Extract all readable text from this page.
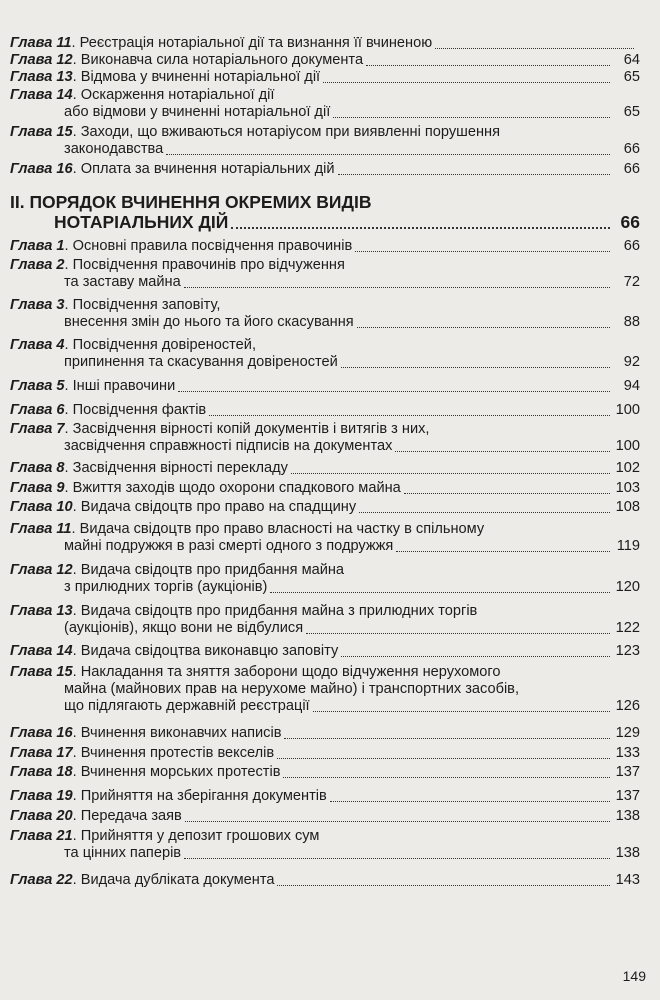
Глава 11. Реєстрація нотаріальної дії та визнання її вчиненою
Глава 12. Виконавча сила нотаріального документа	64
Глава 13. Відмова у вчиненні нотаріальної дії	65
Глава 14. Оскарження нотаріальної дії
або відмови у вчиненні нотаріальної дії	65
Глава 15. Заходи, що вживаються нотаріусом при виявленні порушення
законодавства	66
Глава 16. Оплата за вчинення нотаріальних дій	66
II. ПОРЯДОК ВЧИНЕННЯ ОКРЕМИХ ВИДІВ
НОТАРІАЛЬНИХ ДІЙ	66
Глава 1. Основні правила посвідчення правочинів	66
Глава 2. Посвідчення правочинів про відчуження
та заставу майна	72
Глава 3. Посвідчення заповіту,
внесення змін до нього та його скасування	88
Глава 4. Посвідчення довіреностей,
припинення та скасування довіреностей	92
Глава 5. Інші правочини	94
Глава 6. Посвідчення фактів	100
Глава 7. Засвідчення вірності копій документів і витягів з них,
засвідчення справжності підписів на документах	100
Глава 8. Засвідчення вірності перекладу	102
Глава 9. Вжиття заходів щодо охорони спадкового майна	103
Глава 10. Видача свідоцтв про право на спадщину	108
Глава 11. Видача свідоцтв про право власності на частку в спільному
майні подружжя в разі смерті одного з подружжя	119
Глава 12. Видача свідоцтв про придбання майна
з прилюдних торгів (аукціонів)	120
Глава 13. Видача свідоцтв про придбання майна з прилюдних торгів
(аукціонів), якщо вони не відбулися	122
Глава 14. Видача свідоцтва виконавцю заповіту	123
Глава 15. Накладання та зняття заборони щодо відчуження нерухомого
майна (майнових прав на нерухоме майно) і транспортних засобів,
що підлягають державній реєстрації	126
Глава 16. Вчинення виконавчих написів	129
Глава 17. Вчинення протестів векселів	133
Глава 18. Вчинення морських протестів	137
Глава 19. Прийняття на зберігання документів	137
Глава 20. Передача заяв	138
Глава 21. Прийняття у депозит грошових сум
та цінних паперів	138
Глава 22. Видача дубліката документа	143
149
